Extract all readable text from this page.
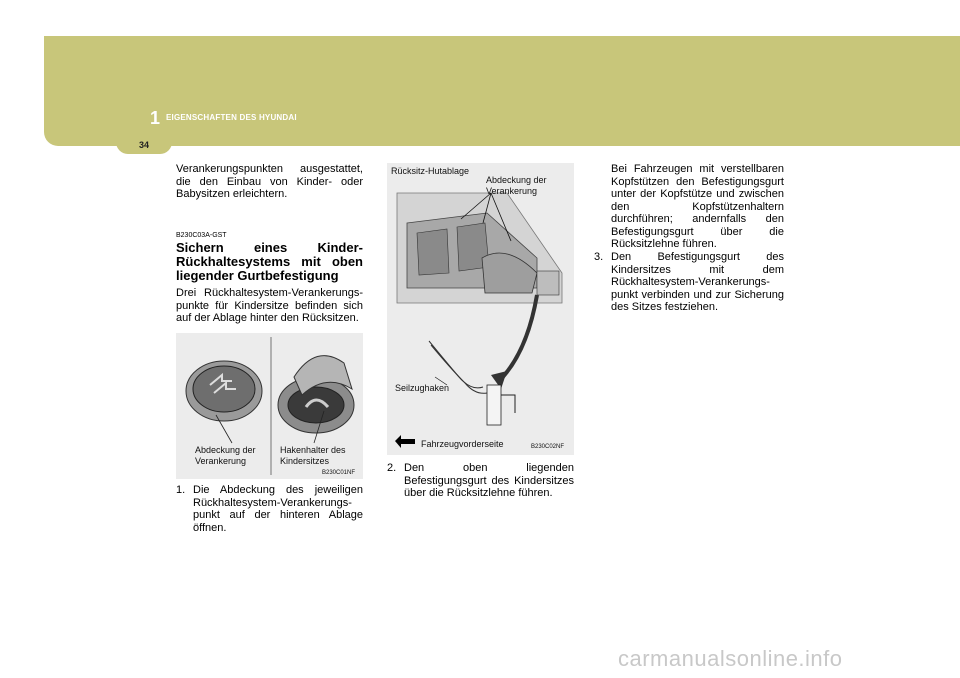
1 EIGENSCHAFTEN DES HYUNDAI
34
Verankerungspunkten ausgestattet, die den Einbau von Kinder- oder Babysitzen erleichtern.
B230C03A-GST
Sichern eines Kinder-Rückhaltesystems mit oben liegender Gurtbefestigung
Drei Rückhaltesystem-Verankerungs-punkte für Kindersitze befinden sich auf der Ablage hinter den Rücksitzen.
Abdeckung der Verankerung
Hakenhalter des Kindersitzes
B230C01NF
1. Die Abdeckung des jeweiligen Rückhaltesystem-Verankerungs-punkt auf der hinteren Ablage öffnen.
Rücksitz-Hutablage
Abdeckung der Verankerung
Seilzughaken
Fahrzeugvorderseite	B230C02NF
2. Den oben liegenden Befestigungsgurt des Kindersitzes über die Rücksitzlehne führen.
Bei Fahrzeugen mit verstellbaren Kopfstützen den Befestigungsgurt unter der Kopfstütze und zwischen den Kopfstützenhaltern durchführen; andernfalls den Befestigungsgurt über die Rücksitzlehne führen.
3. Den Befestigungsgurt des Kindersitzes mit dem Rückhaltesystem-Verankerungs-punkt verbinden und zur Sicherung des Sitzes festziehen.
carmanualsonline.info
